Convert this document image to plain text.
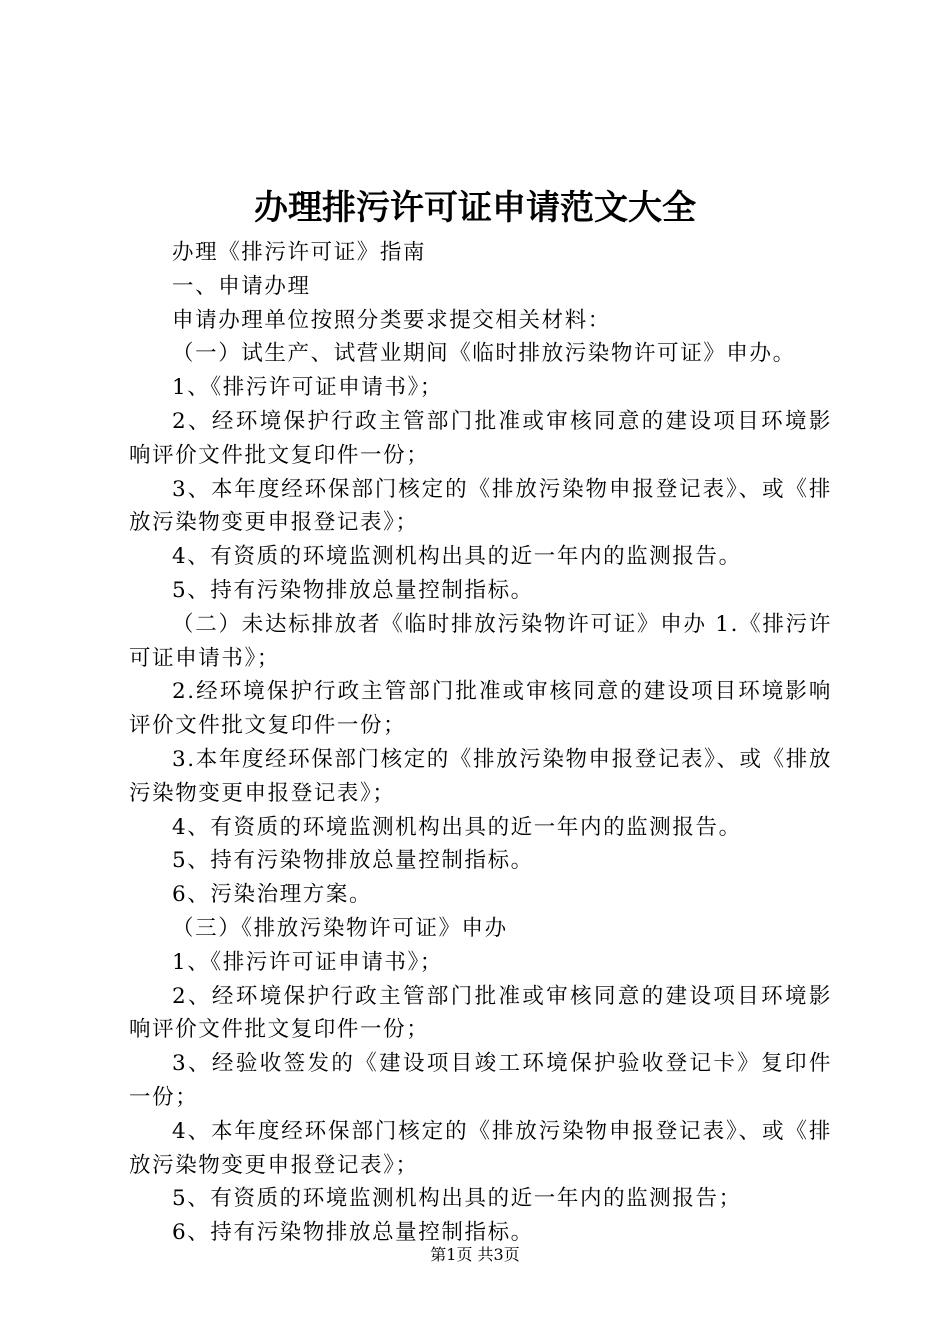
办理排污许可证申请范文大全

办理《排污许可证》指南

一、申请办理

申请办理单位按照分类要求提交相关材料：

（一）试生产、试营业期间《临时排放污染物许可证》申办。

1、《排污许可证申请书》；

2、经环境保护行政主管部门批准或审核同意的建设项目环境影响评价文件批文复印件一份；

3、本年度经环保部门核定的《排放污染物申报登记表》、或《排放污染物变更申报登记表》；

4、有资质的环境监测机构出具的近一年内的监测报告。

5、持有污染物排放总量控制指标。

（二）未达标排放者《临时排放污染物许可证》申办 1.《排污许可证申请书》；

2.经环境保护行政主管部门批准或审核同意的建设项目环境影响评价文件批文复印件一份；

3.本年度经环保部门核定的《排放污染物申报登记表》、或《排放污染物变更申报登记表》；

4、有资质的环境监测机构出具的近一年内的监测报告。

5、持有污染物排放总量控制指标。

6、污染治理方案。

（三）《排放污染物许可证》申办

1、《排污许可证申请书》；

2、经环境保护行政主管部门批准或审核同意的建设项目环境影响评价文件批文复印件一份；

3、经验收签发的《建设项目竣工环境保护验收登记卡》复印件一份；

4、本年度经环保部门核定的《排放污染物申报登记表》、或《排放污染物变更申报登记表》；

5、有资质的环境监测机构出具的近一年内的监测报告；

6、持有污染物排放总量控制指标。

第1页 共3页
